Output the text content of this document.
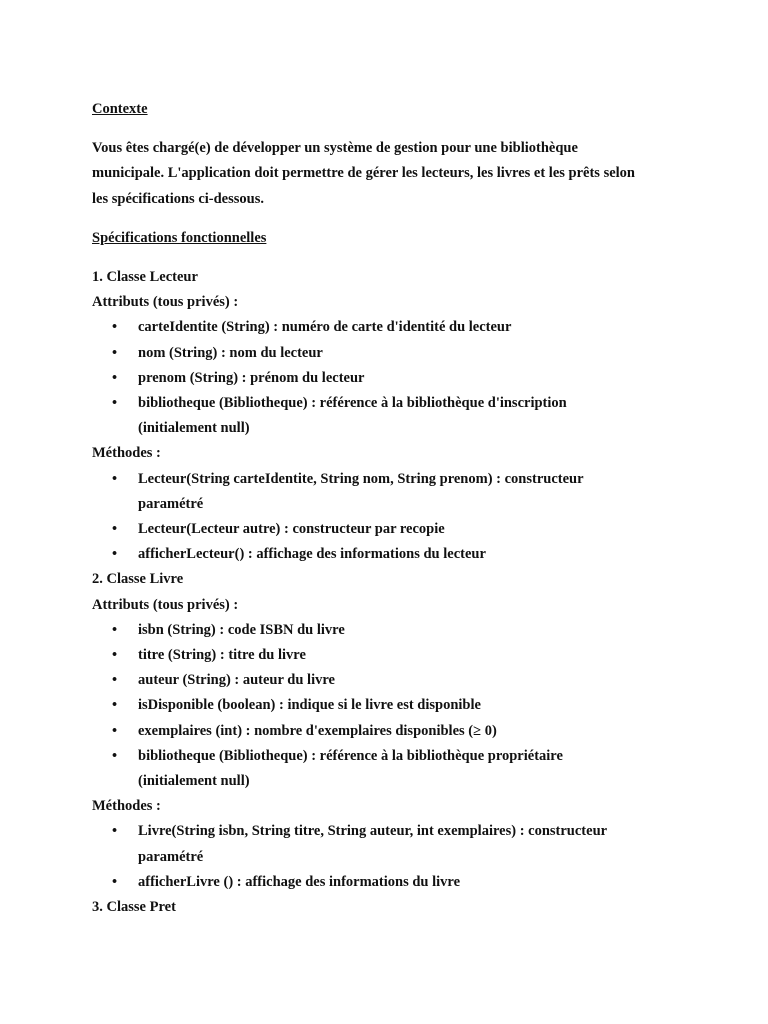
Contexte
Vous êtes chargé(e) de développer un système de gestion pour une bibliothèque
municipale. L'application doit permettre de gérer les lecteurs, les livres et les prêts selon
les spécifications ci-dessous.
Spécifications fonctionnelles
1. Classe Lecteur
Attributs (tous privés) :
• carteIdentite (String) : numéro de carte d'identité du lecteur
• nom (String) : nom du lecteur
• prenom (String) : prénom du lecteur
• bibliotheque (Bibliotheque) : référence à la bibliothèque d'inscription
(initialement null)
Méthodes :
• Lecteur(String carteIdentite, String nom, String prenom) : constructeur
paramétré
• Lecteur(Lecteur autre) : constructeur par recopie
• afficherLecteur() : affichage des informations du lecteur
2. Classe Livre
Attributs (tous privés) :
• isbn (String) : code ISBN du livre
• titre (String) : titre du livre
• auteur (String) : auteur du livre
• isDisponible (boolean) : indique si le livre est disponible
• exemplaires (int) : nombre d'exemplaires disponibles (≥ 0)
• bibliotheque (Bibliotheque) : référence à la bibliothèque propriétaire
(initialement null)
Méthodes :
• Livre(String isbn, String titre, String auteur, int exemplaires) : constructeur
paramétré
• afficherLivre () : affichage des informations du livre
3. Classe Pret
